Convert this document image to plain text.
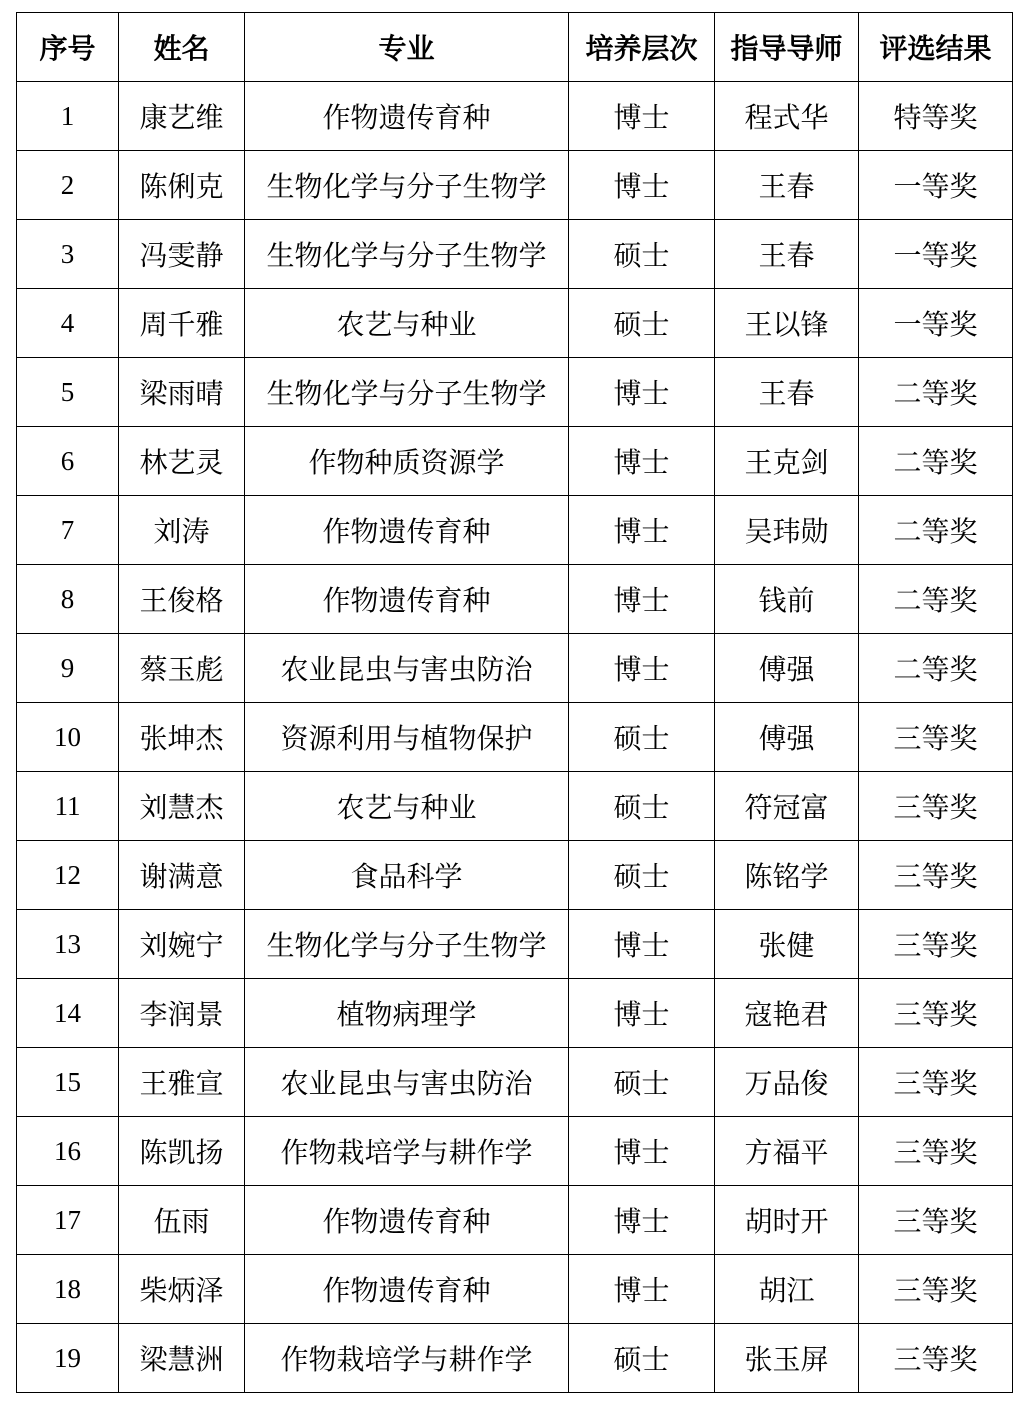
序号	姓名	专业	培养层次	指导导师	评选结果
1	康艺维	作物遗传育种	博士	程式华	特等奖
2	陈俐克	生物化学与分子生物学	博士	王春	一等奖
3	冯雯静	生物化学与分子生物学	硕士	王春	一等奖
4	周千雅	农艺与种业	硕士	王以锋	一等奖
5	梁雨晴	生物化学与分子生物学	博士	王春	二等奖
6	林艺灵	作物种质资源学	博士	王克剑	二等奖
7	刘涛	作物遗传育种	博士	吴玮勋	二等奖
8	王俊格	作物遗传育种	博士	钱前	二等奖
9	蔡玉彪	农业昆虫与害虫防治	博士	傅强	二等奖
10	张坤杰	资源利用与植物保护	硕士	傅强	三等奖
11	刘慧杰	农艺与种业	硕士	符冠富	三等奖
12	谢满意	食品科学	硕士	陈铭学	三等奖
13	刘婉宁	生物化学与分子生物学	博士	张健	三等奖
14	李润景	植物病理学	博士	寇艳君	三等奖
15	王雅宣	农业昆虫与害虫防治	硕士	万品俊	三等奖
16	陈凯扬	作物栽培学与耕作学	博士	方福平	三等奖
17	伍雨	作物遗传育种	博士	胡时开	三等奖
18	柴炳泽	作物遗传育种	博士	胡江	三等奖
19	梁慧洲	作物栽培学与耕作学	硕士	张玉屏	三等奖
